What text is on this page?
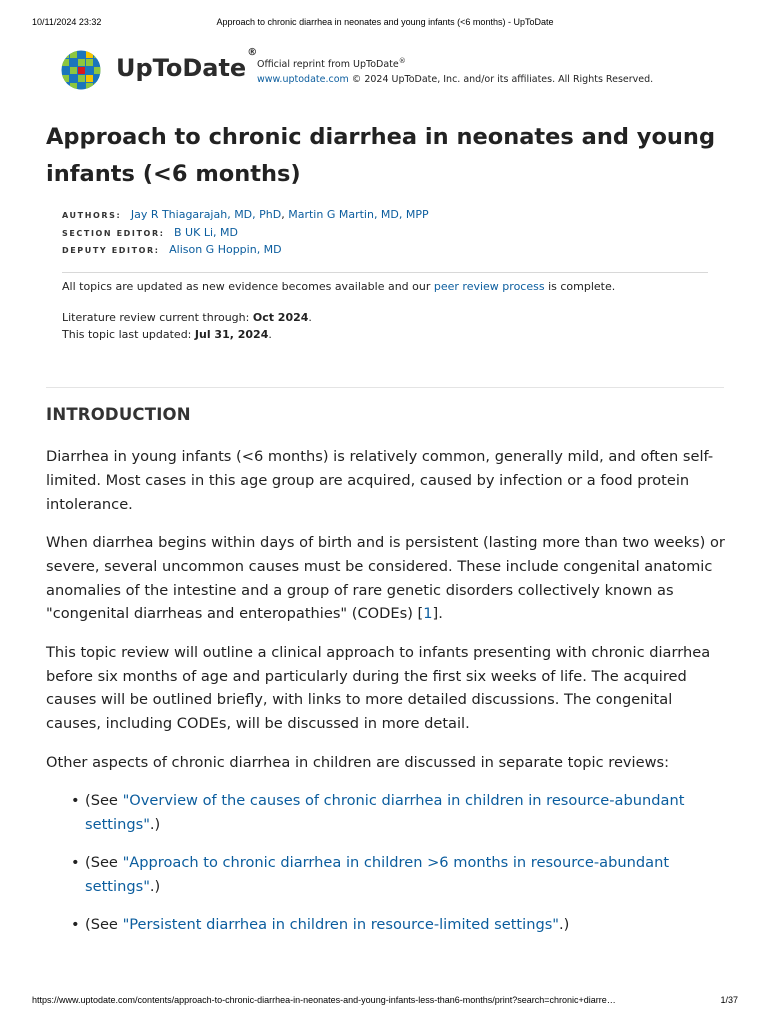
10/11/2024 23:32	Approach to chronic diarrhea in neonates and young infants (<6 months) - UpToDate
UpToDate®
Official reprint from UpToDate®
www.uptodate.com © 2024 UpToDate, Inc. and/or its affiliates. All Rights Reserved.
Approach to chronic diarrhea in neonates and young infants (<6 months)
AUTHORS: Jay R Thiagarajah, MD, PhD, Martin G Martin, MD, MPP
SECTION EDITOR: B UK Li, MD
DEPUTY EDITOR: Alison G Hoppin, MD
All topics are updated as new evidence becomes available and our peer review process is complete.
Literature review current through: Oct 2024.
This topic last updated: Jul 31, 2024.
INTRODUCTION

Diarrhea in young infants (<6 months) is relatively common, generally mild, and often self-limited. Most cases in this age group are acquired, caused by infection or a food protein intolerance.

When diarrhea begins within days of birth and is persistent (lasting more than two weeks) or severe, several uncommon causes must be considered. These include congenital anatomic anomalies of the intestine and a group of rare genetic disorders collectively known as "congenital diarrheas and enteropathies" (CODEs) [1].

This topic review will outline a clinical approach to infants presenting with chronic diarrhea before six months of age and particularly during the first six weeks of life. The acquired causes will be outlined briefly, with links to more detailed discussions. The congenital causes, including CODEs, will be discussed in more detail.

Other aspects of chronic diarrhea in children are discussed in separate topic reviews:

• (See "Overview of the causes of chronic diarrhea in children in resource-abundant settings".)
• (See "Approach to chronic diarrhea in children >6 months in resource-abundant settings".)
• (See "Persistent diarrhea in children in resource-limited settings".)
https://www.uptodate.com/contents/approach-to-chronic-diarrhea-in-neonates-and-young-infants-less-than6-months/print?search=chronic+diarre…	1/37
